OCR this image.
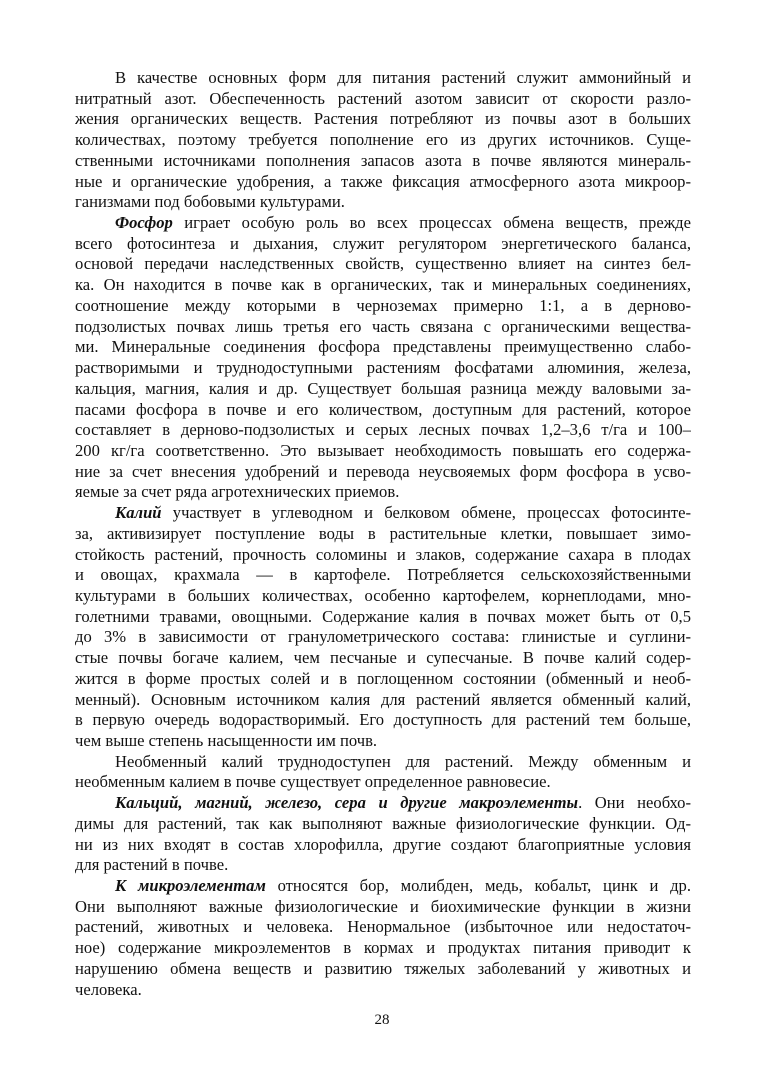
В качестве основных форм для питания растений служит аммонийный и
нитратный азот. Обеспеченность растений азотом зависит от скорости разло-
жения органических веществ. Растения потребляют из почвы азот в больших
количествах, поэтому требуется пополнение его из других источников. Суще-
ственными источниками пополнения запасов азота в почве являются минераль-
ные и органические удобрения, а также фиксация атмосферного азота микроор-
ганизмами под бобовыми культурами.
Фосфор играет особую роль во всех процессах обмена веществ, прежде
всего фотосинтеза и дыхания, служит регулятором энергетического баланса,
основой передачи наследственных свойств, существенно влияет на синтез бел-
ка. Он находится в почве как в органических, так и минеральных соединениях,
соотношение между которыми в черноземах примерно 1:1, а в дерново-
подзолистых почвах лишь третья его часть связана с органическими вещества-
ми. Минеральные соединения фосфора представлены преимущественно слабо-
растворимыми и труднодоступными растениям фосфатами алюминия, железа,
кальция, магния, калия и др. Существует большая разница между валовыми за-
пасами фосфора в почве и его количеством, доступным для растений, которое
составляет в дерново-подзолистых и серых лесных почвах 1,2–3,6 т/га и 100–
200 кг/га соответственно. Это вызывает необходимость повышать его содержа-
ние за счет внесения удобрений и перевода неусвояемых форм фосфора в усво-
яемые за счет ряда агротехнических приемов.
Калий участвует в углеводном и белковом обмене, процессах фотосинте-
за, активизирует поступление воды в растительные клетки, повышает зимо-
стойкость растений, прочность соломины и злаков, содержание сахара в плодах
и овощах, крахмала — в картофеле. Потребляется сельскохозяйственными
культурами в больших количествах, особенно картофелем, корнеплодами, мно-
голетними травами, овощными. Содержание калия в почвах может быть от 0,5
до 3% в зависимости от гранулометрического состава: глинистые и суглини-
стые почвы богаче калием, чем песчаные и супесчаные. В почве калий содер-
жится в форме простых солей и в поглощенном состоянии (обменный и необ-
менный). Основным источником калия для растений является обменный калий,
в первую очередь водорастворимый. Его доступность для растений тем больше,
чем выше степень насыщенности им почв.
Необменный калий труднодоступен для растений. Между обменным и
необменным калием в почве существует определенное равновесие.
Кальций, магний, железо, сера и другие макроэлементы. Они необхо-
димы для растений, так как выполняют важные физиологические функции. Од-
ни из них входят в состав хлорофилла, другие создают благоприятные условия
для растений в почве.
К микроэлементам относятся бор, молибден, медь, кобальт, цинк и др.
Они выполняют важные физиологические и биохимические функции в жизни
растений, животных и человека. Ненормальное (избыточное или недостаточ-
ное) содержание микроэлементов в кормах и продуктах питания приводит к
нарушению обмена веществ и развитию тяжелых заболеваний у животных и
человека.
28
